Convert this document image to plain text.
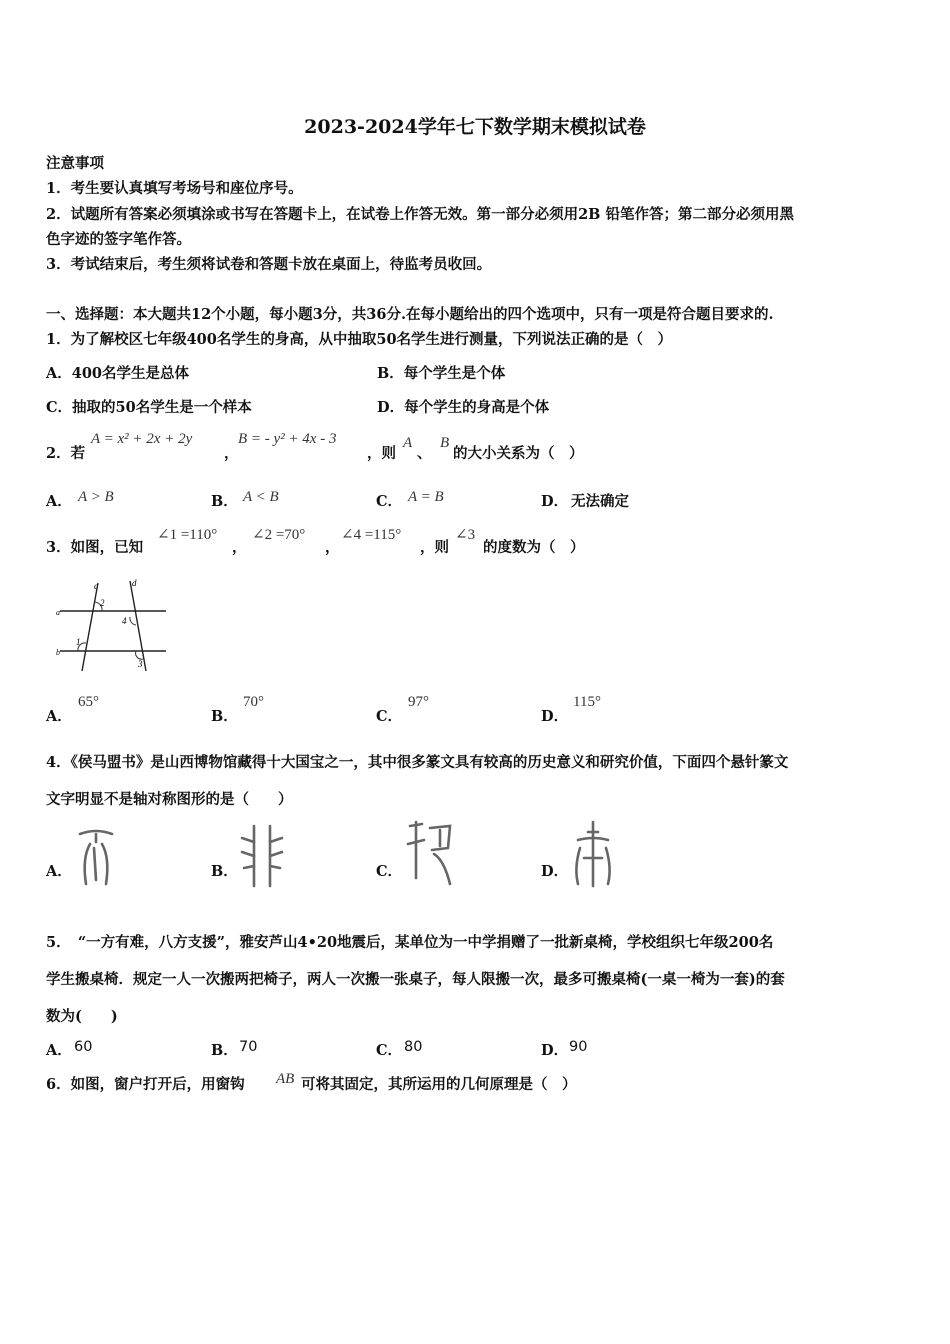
2023-2024学年七下数学期末模拟试卷
注意事项
1．考生要认真填写考场号和座位序号。
2．试题所有答案必须填涂或书写在答题卡上，在试卷上作答无效。第一部分必须用2B 铅笔作答；第二部分必须用黑
色字迹的签字笔作答。
3．考试结束后，考生须将试卷和答题卡放在桌面上，待监考员收回。
一、选择题：本大题共12个小题，每小题3分，共36分.在每小题给出的四个选项中，只有一项是符合题目要求的.
1．为了解校区七年级400名学生的身高，从中抽取50名学生进行测量，下列说法正确的是（　）
A．400名学生是总体	B．每个学生是个体
C．抽取的50名学生是一个样本	D．每个学生的身高是个体
2．若
A = x² + 2x + 2y
，
B = - y² + 4x - 3
，则
A
、
B
的大小关系为（　）
A． A > B	B． A < B	C． A = B	D． 无法确定
3．如图，已知
∠1 =110°
，
∠2 =70°
，
∠4 =115°
，则
∠3
的度数为（　）
c	d
2
4
a
1
b
3
A．
65°
B．
70°
C．
97°
D．
115°
4．《侯马盟书》是山西博物馆藏得十大国宝之一，其中很多篆文具有较高的历史意义和研究价值，下面四个悬针篆文
文字明显不是轴对称图形的是（　　）
A．	B．	C．	D．
5．　“一方有难，八方支援”，雅安芦山4•20地震后，某单位为一中学捐赠了一批新桌椅，学校组织七年级200名
学生搬桌椅．规定一人一次搬两把椅子，两人一次搬一张桌子，每人限搬一次，最多可搬桌椅(一桌一椅为一套)的套
数为(　　)
A． 60	B． 70	C． 80	D． 90
6．如图，窗户打开后，用窗钩 AB 可将其固定，其所运用的几何原理是（　）
